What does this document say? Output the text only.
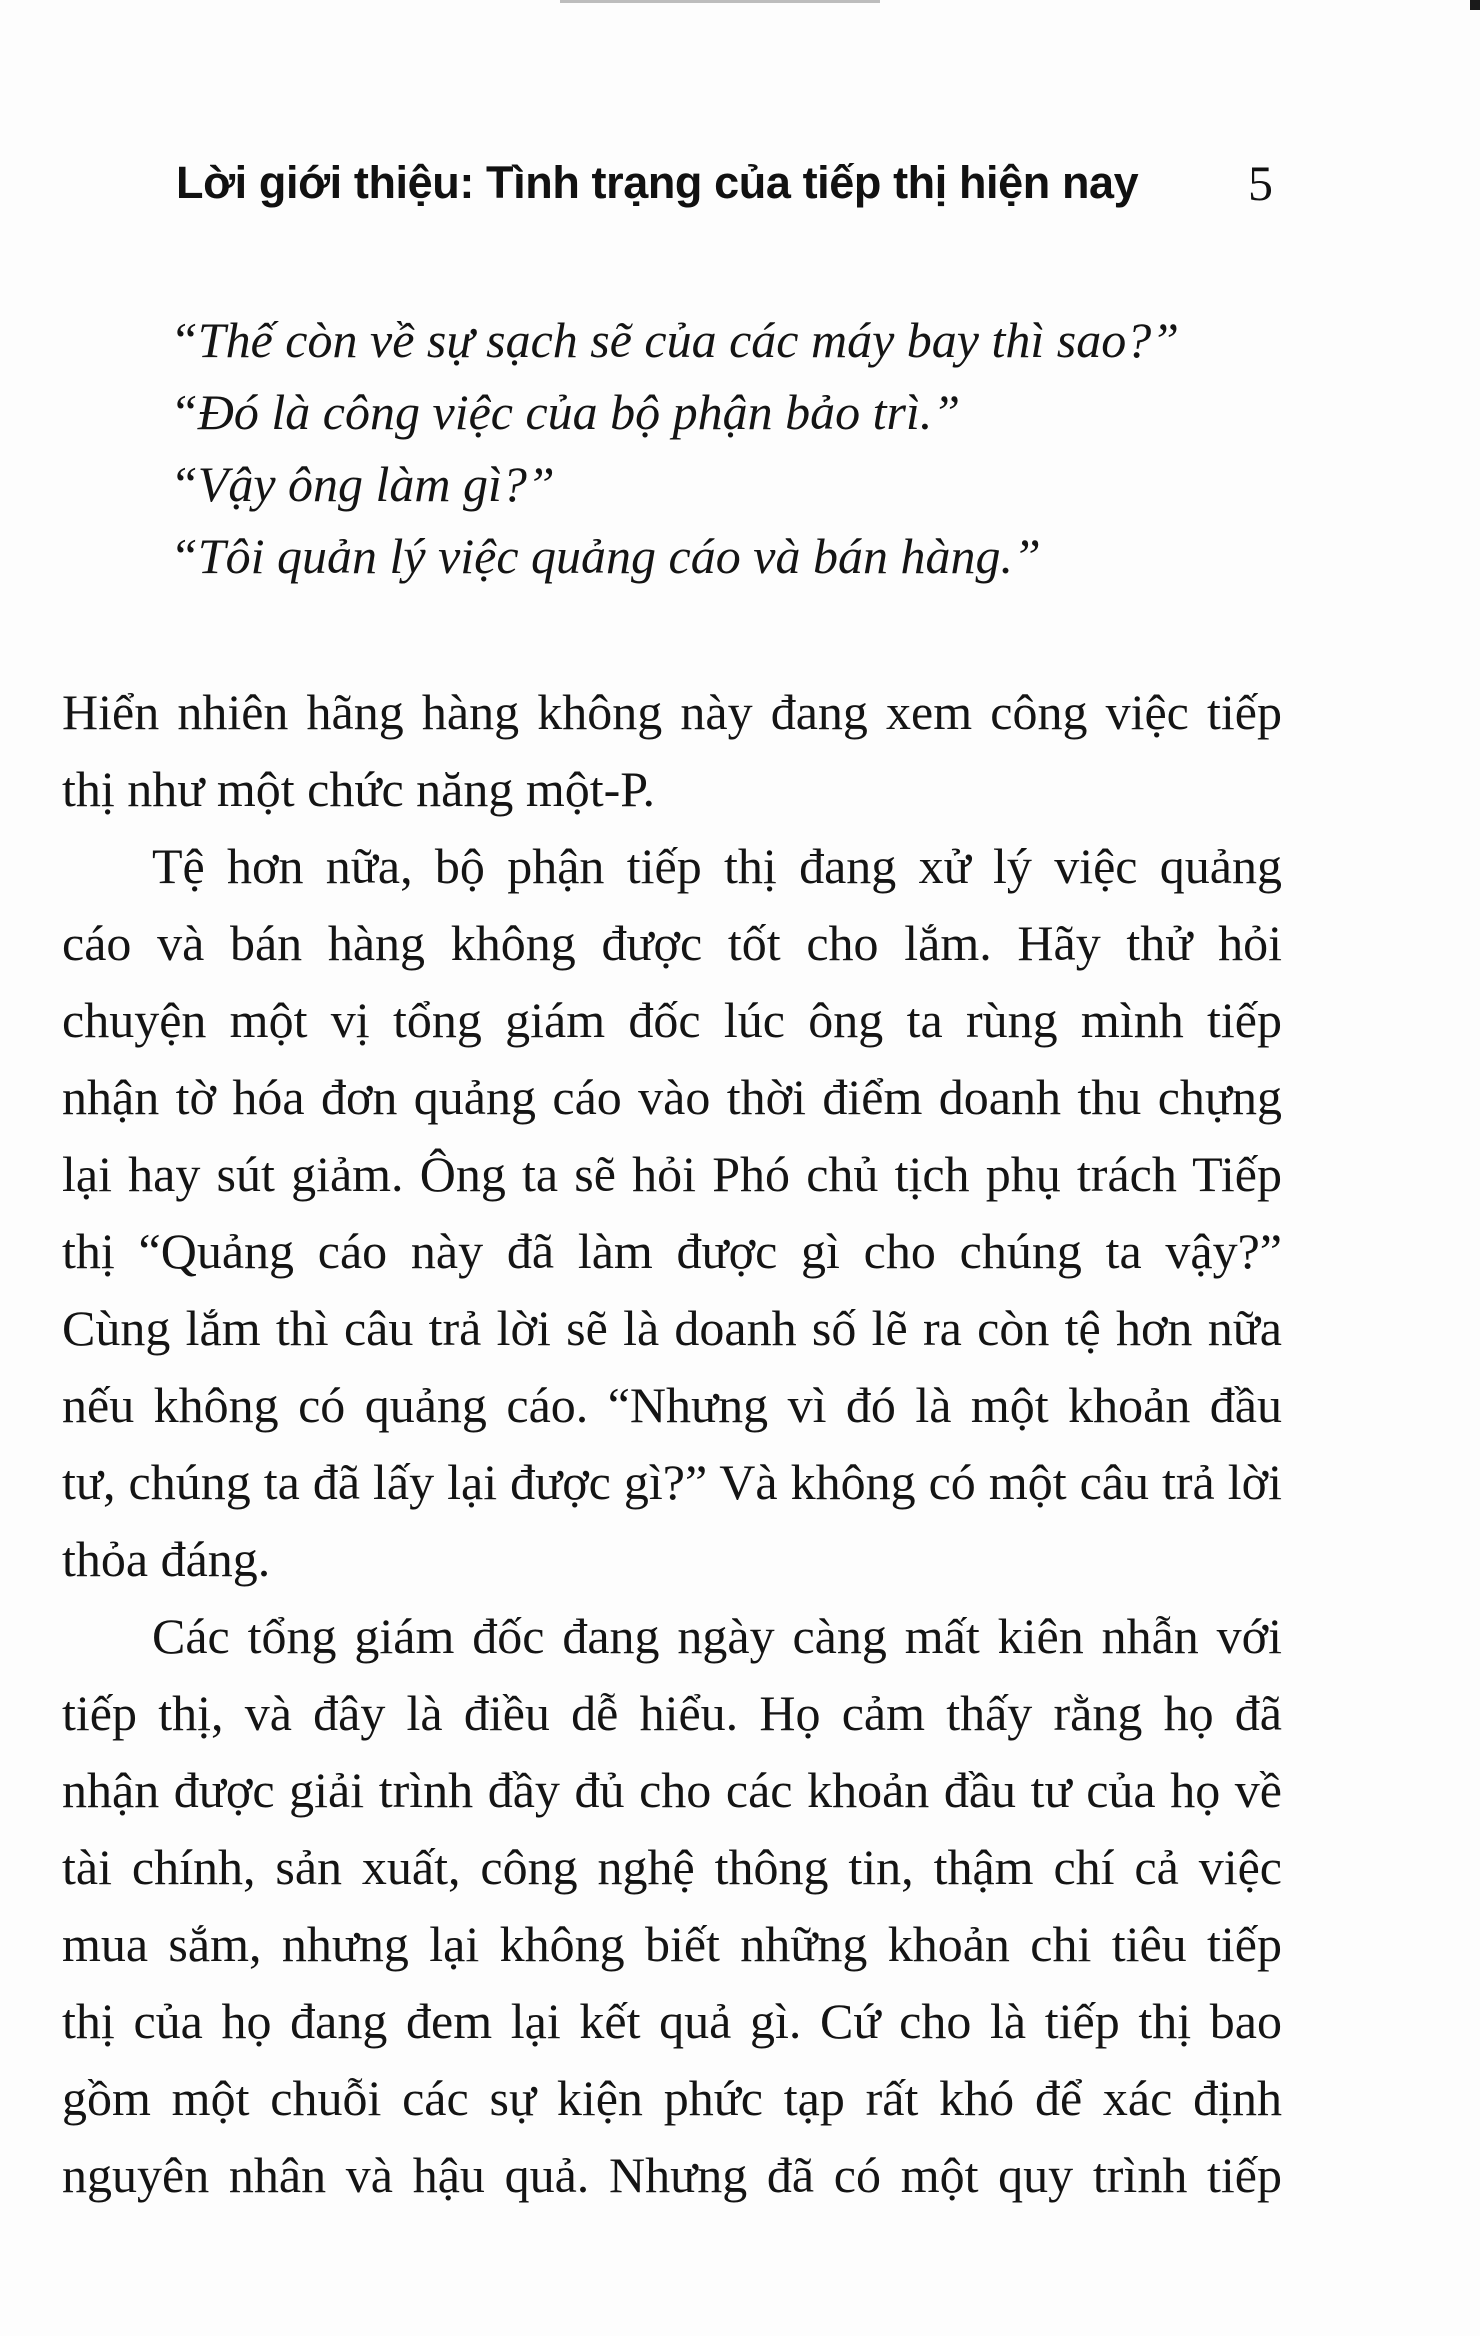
Lời giới thiệu: Tình trạng của tiếp thị hiện nay 5
“Thế còn về sự sạch sẽ của các máy bay thì sao?”
“Đó là công việc của bộ phận bảo trì.”
“Vậy ông làm gì?”
“Tôi quản lý việc quảng cáo và bán hàng.”
Hiển nhiên hãng hàng không này đang xem công việc tiếp
thị như một chức năng một-P.
Tệ hơn nữa, bộ phận tiếp thị đang xử lý việc quảng
cáo và bán hàng không được tốt cho lắm. Hãy thử hỏi
chuyện một vị tổng giám đốc lúc ông ta rùng mình tiếp
nhận tờ hóa đơn quảng cáo vào thời điểm doanh thu chựng
lại hay sút giảm. Ông ta sẽ hỏi Phó chủ tịch phụ trách Tiếp
thị “Quảng cáo này đã làm được gì cho chúng ta vậy?”
Cùng lắm thì câu trả lời sẽ là doanh số lẽ ra còn tệ hơn nữa
nếu không có quảng cáo. “Nhưng vì đó là một khoản đầu
tư, chúng ta đã lấy lại được gì?” Và không có một câu trả lời
thỏa đáng.
Các tổng giám đốc đang ngày càng mất kiên nhẫn với
tiếp thị, và đây là điều dễ hiểu. Họ cảm thấy rằng họ đã
nhận được giải trình đầy đủ cho các khoản đầu tư của họ về
tài chính, sản xuất, công nghệ thông tin, thậm chí cả việc
mua sắm, nhưng lại không biết những khoản chi tiêu tiếp
thị của họ đang đem lại kết quả gì. Cứ cho là tiếp thị bao
gồm một chuỗi các sự kiện phức tạp rất khó để xác định
nguyên nhân và hậu quả. Nhưng đã có một quy trình tiếp
